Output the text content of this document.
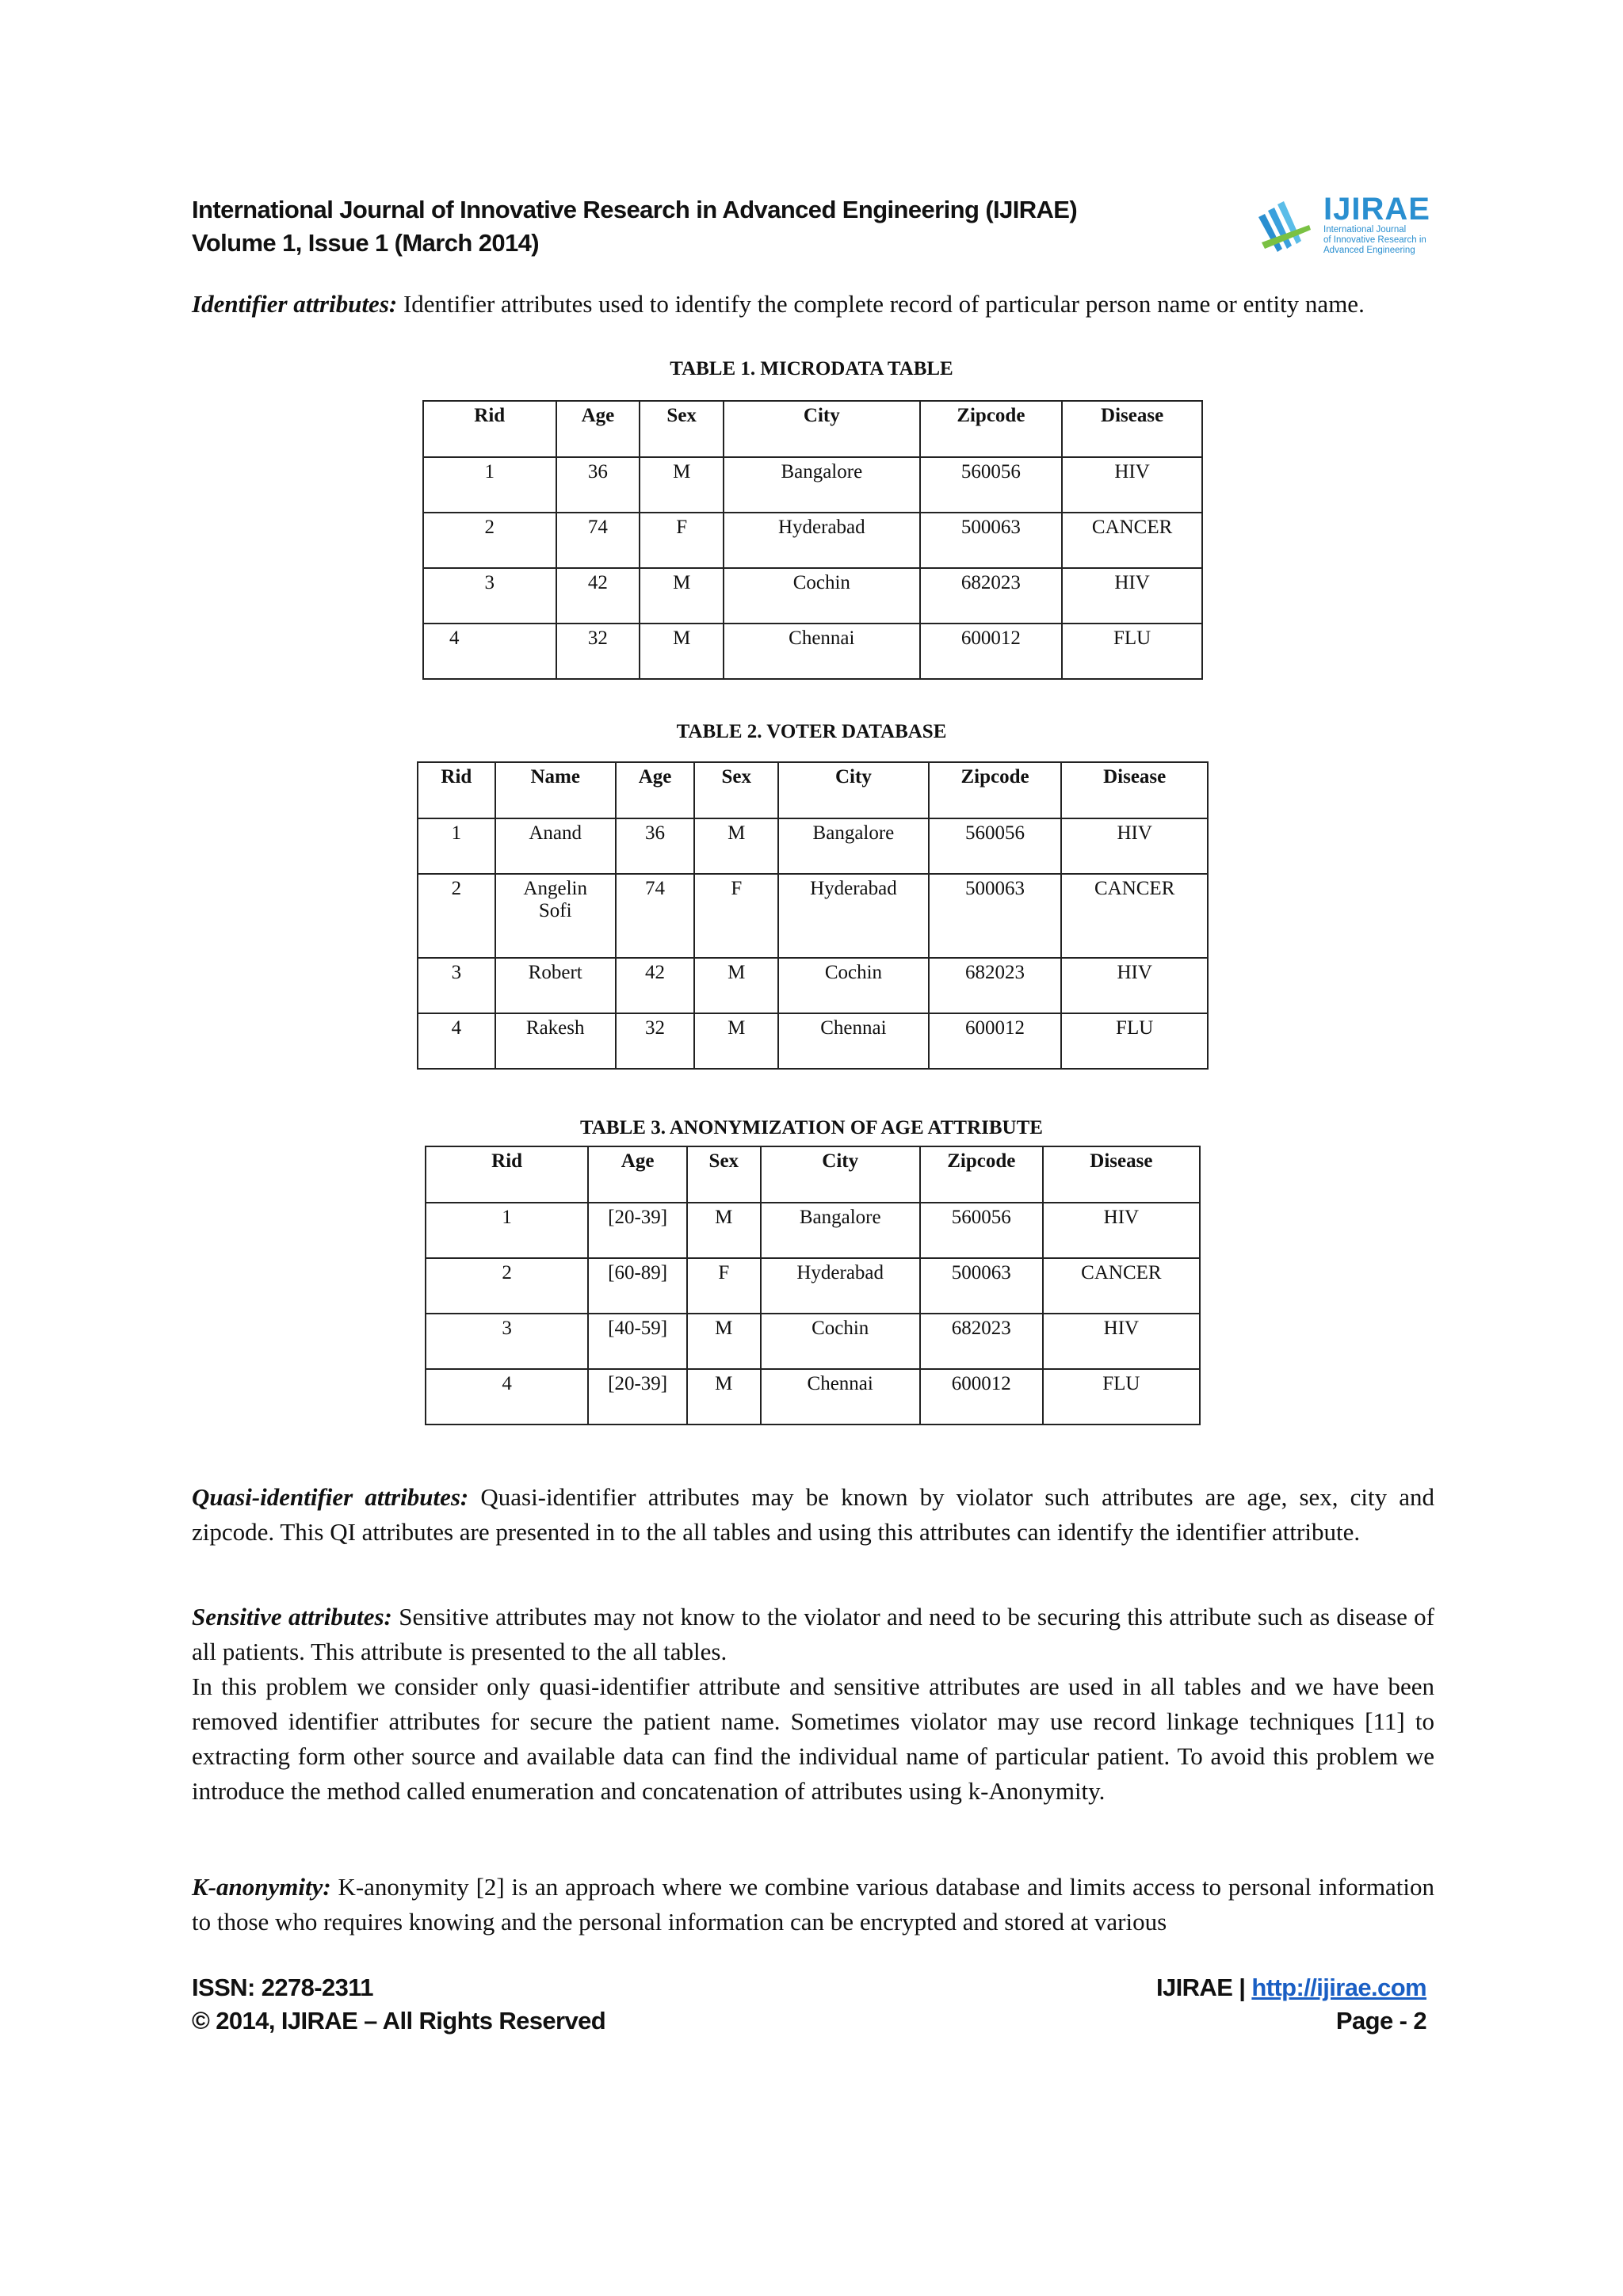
International Journal of Innovative Research in Advanced Engineering (IJIRAE)
Volume 1, Issue 1 (March 2014)
IJIRAE
International Journal
of Innovative Research in
Advanced Engineering

Identifier attributes: Identifier attributes used to identify the complete record of particular person name or entity name.

TABLE 1. MICRODATA TABLE
Rid	Age	Sex	City	Zipcode	Disease
1	36	M	Bangalore	560056	HIV
2	74	F	Hyderabad	500063	CANCER
3	42	M	Cochin	682023	HIV
4	32	M	Chennai	600012	FLU
TABLE 2. VOTER DATABASE
Rid	Name	Age	Sex	City	Zipcode	Disease
1	Anand	36	M	Bangalore	560056	HIV
2	Angelin Sofi	74	F	Hyderabad	500063	CANCER
3	Robert	42	M	Cochin	682023	HIV
4	Rakesh	32	M	Chennai	600012	FLU
TABLE 3. ANONYMIZATION OF AGE ATTRIBUTE
Rid	Age	Sex	City	Zipcode	Disease
1	[20-39]	M	Bangalore	560056	HIV
2	[60-89]	F	Hyderabad	500063	CANCER
3	[40-59]	M	Cochin	682023	HIV
4	[20-39]	M	Chennai	600012	FLU

Quasi-identifier attributes: Quasi-identifier attributes may be known by violator such attributes are age, sex, city and zipcode. This QI attributes are presented in to the all tables and using this attributes can identify the identifier attribute.

Sensitive attributes: Sensitive attributes may not know to the violator and need to be securing this attribute such as disease of all patients. This attribute is presented to the all tables.
In this problem we consider only quasi-identifier attribute and sensitive attributes are used in all tables and we have been removed identifier attributes for secure the patient name. Sometimes violator may use record linkage techniques [11] to extracting form other source and available data can find the individual name of particular patient. To avoid this problem we introduce the method called enumeration and concatenation of attributes using k-Anonymity.

K-anonymity: K-anonymity [2] is an approach where we combine various database and limits access to personal information to those who requires knowing and the personal information can be encrypted and stored at various

ISSN: 2278-2311
© 2014, IJIRAE – All Rights Reserved
IJIRAE | http://ijirae.com
Page - 2
